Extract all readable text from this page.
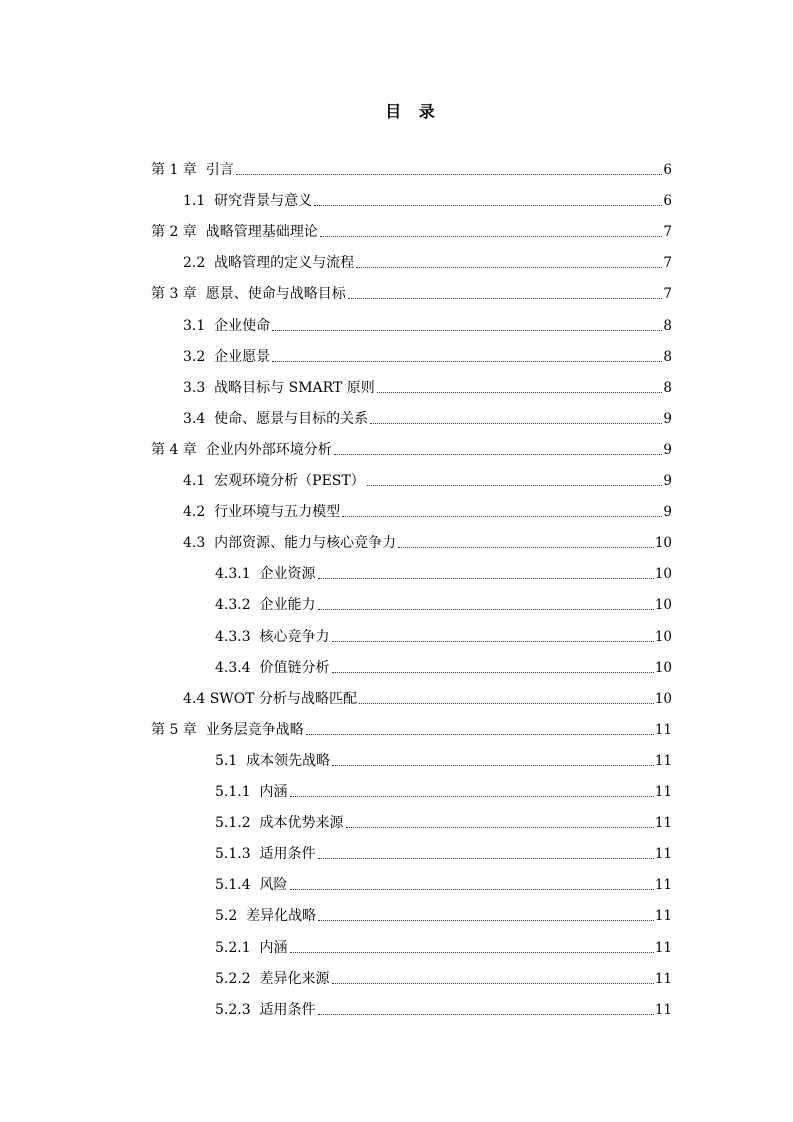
目 录
第 1 章  引言	6
1.1  研究背景与意义	6
第 2 章  战略管理基础理论	7
2.2  战略管理的定义与流程	7
第 3 章  愿景、使命与战略目标	7
3.1  企业使命	8
3.2  企业愿景	8
3.3  战略目标与 SMART 原则	8
3.4  使命、愿景与目标的关系	9
第 4 章  企业内外部环境分析	9
4.1  宏观环境分析（PEST）	9
4.2  行业环境与五力模型	9
4.3  内部资源、能力与核心竞争力	10
4.3.1  企业资源	10
4.3.2  企业能力	10
4.3.3  核心竞争力	10
4.3.4  价值链分析	10
4.4 SWOT 分析与战略匹配	10
第 5 章  业务层竞争战略	11
5.1  成本领先战略	11
5.1.1  内涵	11
5.1.2  成本优势来源	11
5.1.3  适用条件	11
5.1.4  风险	11
5.2  差异化战略	11
5.2.1  内涵	11
5.2.2  差异化来源	11
5.2.3  适用条件	11
